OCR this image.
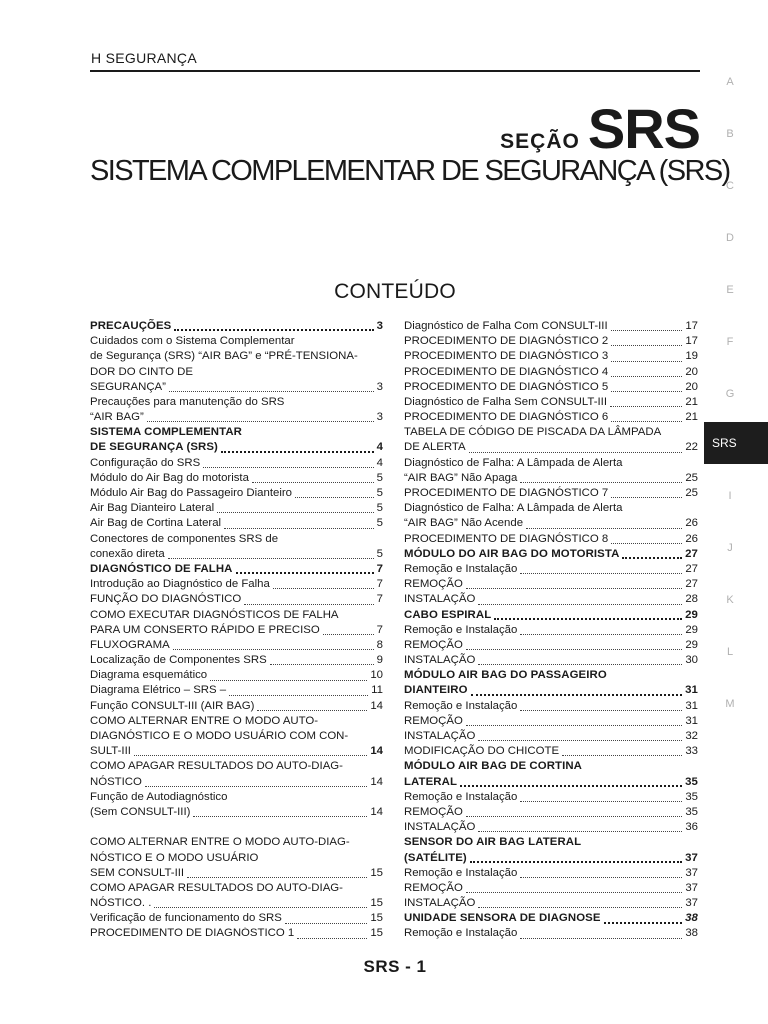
H SEGURANÇA
SEÇÃO SRS
SISTEMA COMPLEMENTAR DE SEGURANÇA (SRS)
CONTEÚDO
PRECAUÇÕES	3
Cuidados com o Sistema Complementar
de Segurança (SRS) “AIR BAG” e “PRÉ-TENSIONA-
DOR DO CINTO DE
SEGURANÇA”	3
Precauções para manutenção do SRS
“AIR BAG”	3
SISTEMA COMPLEMENTAR
DE SEGURANÇA (SRS)	4
Configuração do SRS	4
Módulo do Air Bag do motorista	5
Módulo Air Bag do Passageiro Dianteiro	5
Air Bag Dianteiro Lateral	5
Air Bag de Cortina Lateral	5
Conectores de componentes SRS de
conexão direta	5
DIAGNÓSTICO DE FALHA	7
Introdução ao Diagnóstico de Falha	7
FUNÇÃO DO DIAGNÓSTICO	7
COMO EXECUTAR DIAGNÓSTICOS DE FALHA
PARA UM CONSERTO RÁPIDO E PRECISO	7
FLUXOGRAMA	8
Localização de Componentes SRS	9
Diagrama esquemático	10
Diagrama Elétrico – SRS –	11
Função CONSULT-III (AIR BAG)	14
COMO ALTERNAR ENTRE O MODO AUTO-
DIAGNÓSTICO E O MODO USUÁRIO COM CON-
SULT-III	14
COMO APAGAR RESULTADOS DO AUTO-DIAG-
NÓSTICO	14
Função de Autodiagnóstico
(Sem CONSULT-III)	14
COMO ALTERNAR ENTRE O MODO AUTO-DIAG-
NÓSTICO E O MODO USUÁRIO
SEM CONSULT-III	15
COMO APAGAR RESULTADOS DO AUTO-DIAG-
NÓSTICO. .	15
Verificação de funcionamento do SRS	15
PROCEDIMENTO DE DIAGNÓSTICO 1	15
Diagnóstico de Falha Com CONSULT-III	17
PROCEDIMENTO DE DIAGNÓSTICO 2	17
PROCEDIMENTO DE DIAGNÓSTICO 3	19
PROCEDIMENTO DE DIAGNÓSTICO 4	20
PROCEDIMENTO DE DIAGNÓSTICO 5	20
Diagnóstico de Falha Sem CONSULT-III	21
PROCEDIMENTO DE DIAGNÓSTICO 6	21
TABELA DE CÓDIGO DE PISCADA DA LÂMPADA
DE ALERTA	22
Diagnóstico de Falha: A Lâmpada de Alerta
“AIR BAG” Não Apaga	25
PROCEDIMENTO DE DIAGNÓSTICO 7	25
Diagnóstico de Falha: A Lâmpada de Alerta
“AIR BAG” Não Acende	26
PROCEDIMENTO DE DIAGNÓSTICO 8	26
MÓDULO DO AIR BAG DO MOTORISTA	27
Remoção e Instalação	27
REMOÇÃO	27
INSTALAÇÃO	28
CABO ESPIRAL	29
Remoção e Instalação	29
REMOÇÃO	29
INSTALAÇÃO	30
MÓDULO AIR BAG DO PASSAGEIRO
DIANTEIRO	31
Remoção e Instalação	31
REMOÇÃO	31
INSTALAÇÃO	32
MODIFICAÇÃO DO CHICOTE	33
MÓDULO AIR BAG DE CORTINA
LATERAL	35
Remoção e Instalação	35
REMOÇÃO	35
INSTALAÇÃO	36
SENSOR DO AIR BAG LATERAL
(SATÉLITE)	37
Remoção e Instalação	37
REMOÇÃO	37
INSTALAÇÃO	37
UNIDADE SENSORA DE DIAGNOSE	38
Remoção e Instalação	38
A
B
C
D
E
F
G
I
J
K
L
M
SRS
SRS - 1
